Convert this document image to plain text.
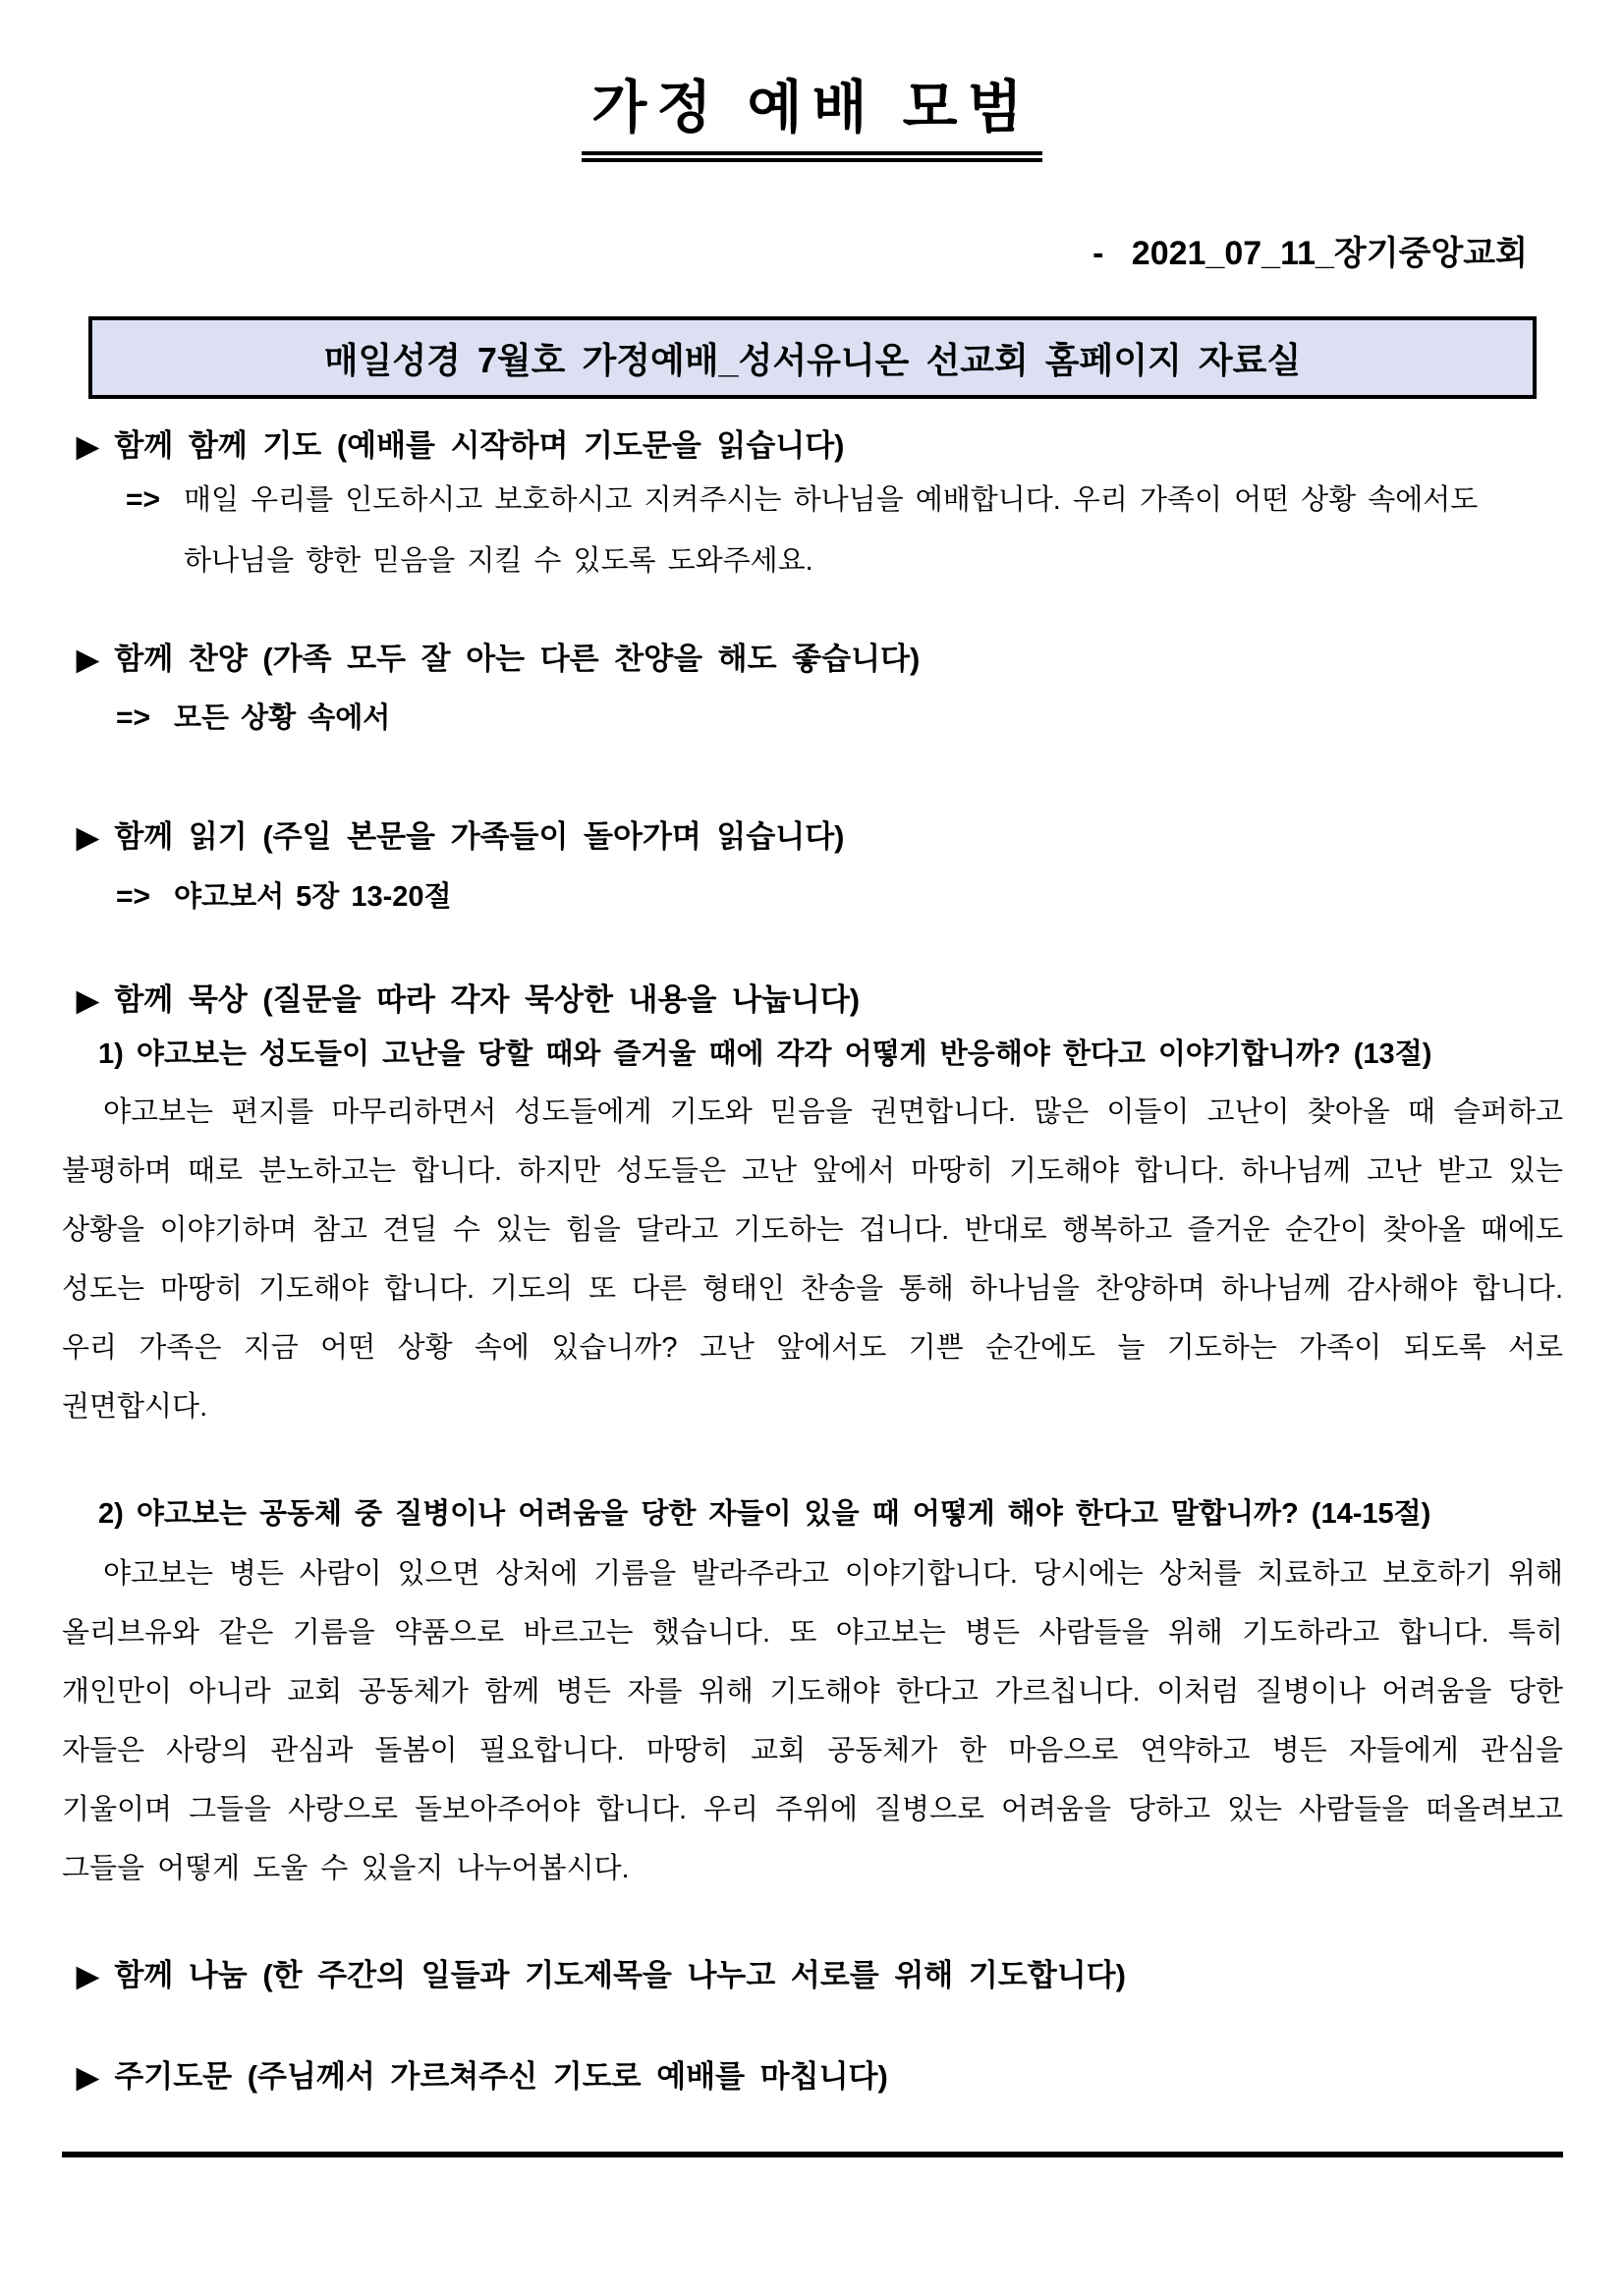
가정 예배 모범
-   2021_07_11_장기중앙교회
매일성경 7월호 가정예배_성서유니온 선교회 홈페이지 자료실
▶ 함께 함께 기도 (예배를 시작하며 기도문을 읽습니다)
=> 매일 우리를 인도하시고 보호하시고 지켜주시는 하나님을 예배합니다. 우리 가족이 어떤 상황 속에서도 하나님을 향한 믿음을 지킬 수 있도록 도와주세요.
▶ 함께 찬양 (가족 모두 잘 아는 다른 찬양을 해도 좋습니다)
=> 모든 상황 속에서
▶ 함께 읽기 (주일 본문을 가족들이 돌아가며 읽습니다)
=> 야고보서 5장 13-20절
▶ 함께 묵상 (질문을 따라 각자 묵상한 내용을 나눕니다)
1) 야고보는 성도들이 고난을 당할 때와 즐거울 때에 각각 어떻게 반응해야 한다고 이야기합니까? (13절)
야고보는 편지를 마무리하면서 성도들에게 기도와 믿음을 권면합니다. 많은 이들이 고난이 찾아올 때 슬퍼하고 불평하며 때로 분노하고는 합니다. 하지만 성도들은 고난 앞에서 마땅히 기도해야 합니다. 하나님께 고난 받고 있는 상황을 이야기하며 참고 견딜 수 있는 힘을 달라고 기도하는 겁니다. 반대로 행복하고 즐거운 순간이 찾아올 때에도 성도는 마땅히 기도해야 합니다. 기도의 또 다른 형태인 찬송을 통해 하나님을 찬양하며 하나님께 감사해야 합니다. 우리 가족은 지금 어떤 상황 속에 있습니까? 고난 앞에서도 기쁜 순간에도 늘 기도하는 가족이 되도록 서로 권면합시다.
2) 야고보는 공동체 중 질병이나 어려움을 당한 자들이 있을 때 어떻게 해야 한다고 말합니까? (14-15절)
야고보는 병든 사람이 있으면 상처에 기름을 발라주라고 이야기합니다. 당시에는 상처를 치료하고 보호하기 위해 올리브유와 같은 기름을 약품으로 바르고는 했습니다. 또 야고보는 병든 사람들을 위해 기도하라고 합니다. 특히 개인만이 아니라 교회 공동체가 함께 병든 자를 위해 기도해야 한다고 가르칩니다. 이처럼 질병이나 어려움을 당한 자들은 사랑의 관심과 돌봄이 필요합니다. 마땅히 교회 공동체가 한 마음으로 연약하고 병든 자들에게 관심을 기울이며 그들을 사랑으로 돌보아주어야 합니다. 우리 주위에 질병으로 어려움을 당하고 있는 사람들을 떠올려보고 그들을 어떻게 도울 수 있을지 나누어봅시다.
▶ 함께 나눔 (한 주간의 일들과 기도제목을 나누고 서로를 위해 기도합니다)
▶ 주기도문 (주님께서 가르쳐주신 기도로 예배를 마칩니다)
